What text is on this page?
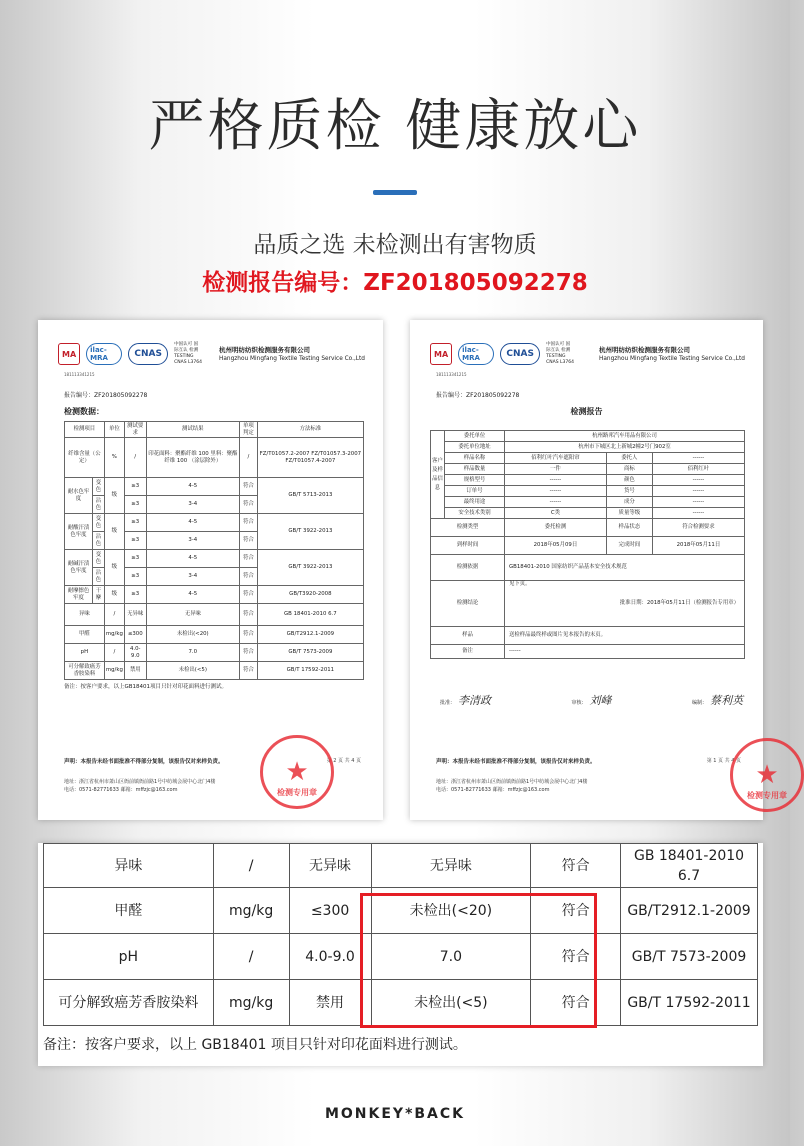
严格质检 健康放心
品质之选 未检测出有害物质
检测报告编号：ZF201805092278
MA	ilac-MRA	CNAS
中国认可 国际互认 检测 TESTING CNAS L3764
杭州明纺纺织检测服务有限公司
Hangzhou Mingfang Textile Testing Service Co.,Ltd
181113341215
报告编号：ZF201805092278
检测数据：
检测项目		单位	测试要求	测试结果	单项判定	方法标准
纤维含量（公定）		%	/	印花面料：聚酯纤维 100 里料：聚酯纤维 100 （涂层除外）	/	FZ/T01057.2-2007 FZ/T01057.3-2007 FZ/T01057.4-2007
耐水色牢度	变色	级	≥3	4-5	符合	GB/T 5713-2013
	沾色		≥3	3-4	符合	
耐酸汗渍色牢度	变色	级	≥3	4-5	符合	GB/T 3922-2013
	沾色		≥3	3-4	符合	
耐碱汗渍色牢度	变色	级	≥3	4-5	符合	GB/T 3922-2013
	沾色		≥3	3-4	符合	
耐摩擦色牢度	干摩	级	≥3	4-5	符合	GB/T3920-2008
异味		/	无异味	无异味	符合	GB 18401-2010 6.7
甲醛		mg/kg	≤300	未检出(<20)	符合	GB/T2912.1-2009
pH		/	4.0-9.0	7.0	符合	GB/T 7573-2009
可分解致癌芳香胺染料		mg/kg	禁用	未检出(<5)	符合	GB/T 17592-2011
备注：按客户要求，以上GB18401项目只针对印花面料进行测试。
声明：本报告未经书面批准不得部分复制，该报告仅对来样负责。	第 2 页 共 4 页
地址：浙江省杭州市萧山区衙前镇衙前路1号中纺城会展中心北门4楼
电话：0571-82771633 邮箱：mffzjc@163.com
★
检测专用章
MA	ilac-MRA	CNAS
中国认可 国际互认 检测 TESTING CNAS L3764
杭州明纺纺织检测服务有限公司
Hangzhou Mingfang Textile Testing Service Co.,Ltd
181113341215
报告编号：ZF201805092278
检测报告
客户及样品信息	委托单位	杭州路邦汽车用品有限公司		
	委托单位地址	杭州市下城区北上新城2幢2号门902室		
	样品名称	佰利红叶汽车遮阳帘	委托人	------
	样品数量	一件	商标	佰利红叶
	规格型号	------	颜色	------
	订单号	------	货号	------
	最终用途	------	成分	------
	安全技术类别	C类	质量等级	------
检测类型		委托检测	样品状态	符合检测要求
到样时间		2018年05月09日	完成时间	2018年05月11日
检测依据		GB18401-2010 国家纺织产品基本安全技术规范		
检测结论		见下页。
批准日期：2018年05月11日（检测报告专用章）		

样品		送检样品最终样或图片见本报告的末页。		
备注		------		
批准： 李清政	审核： 刘峰	编制： 蔡利英
声明：本报告未经书面批准不得部分复制，该报告仅对来样负责。	第 1 页 共 4 页
地址：浙江省杭州市萧山区衙前镇衙前路1号中纺城会展中心北门4楼
电话：0571-82771633 邮箱：mffzjc@163.com	★
检测专用章
异味	/	无异味	无异味	符合	GB 18401-2010 6.7
甲醛	mg/kg	≤300	未检出(<20)	符合	GB/T2912.1-2009
pH	/	4.0-9.0	7.0	符合	GB/T 7573-2009
可分解致癌芳香胺染料	mg/kg	禁用	未检出(<5)	符合	GB/T 17592-2011
备注：按客户要求，以上 GB18401 项目只针对印花面料进行测试。
MONKEY*BACK
